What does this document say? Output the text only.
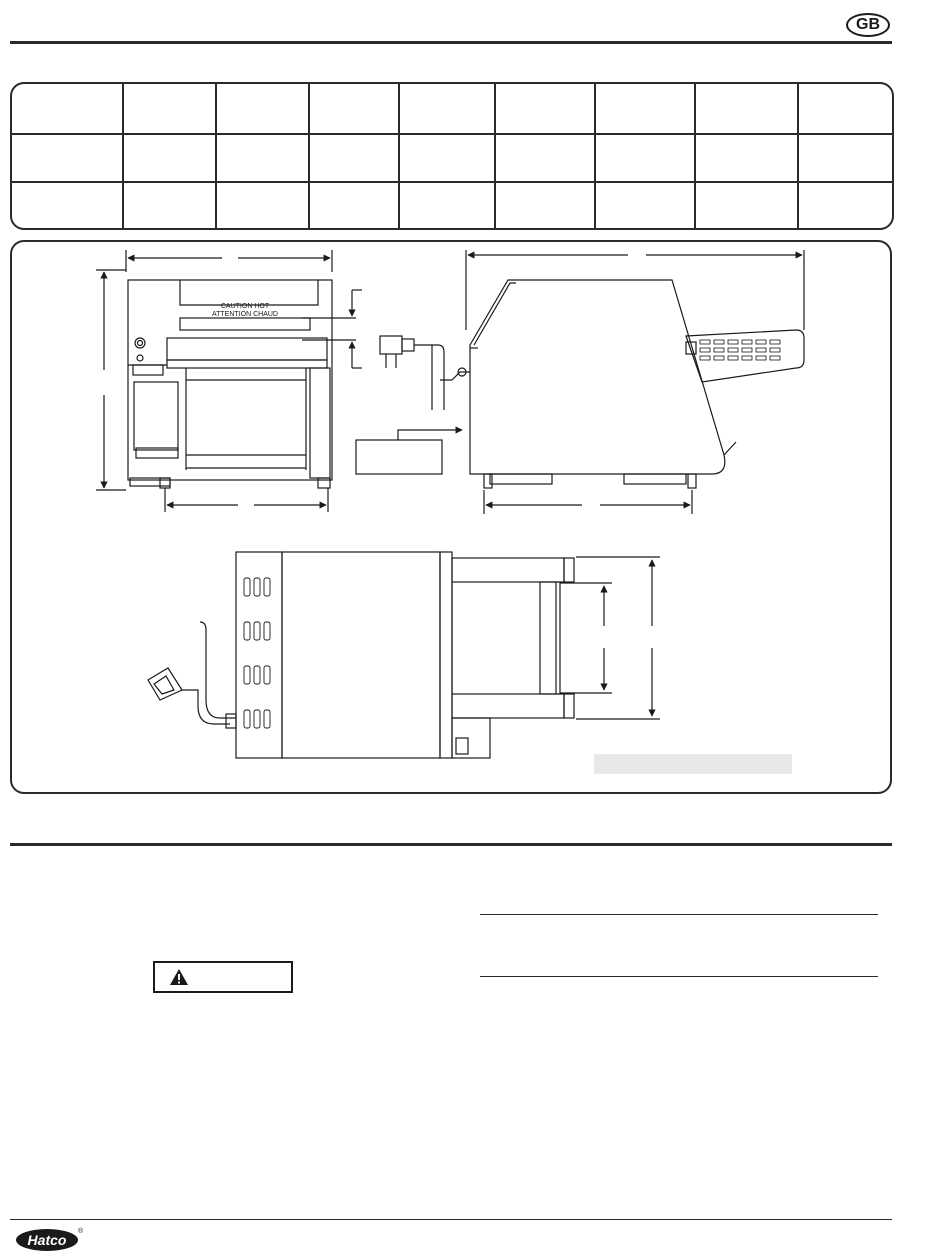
GB
CAUTION HOT
ATTENTION CHAUD
Hatco
®
